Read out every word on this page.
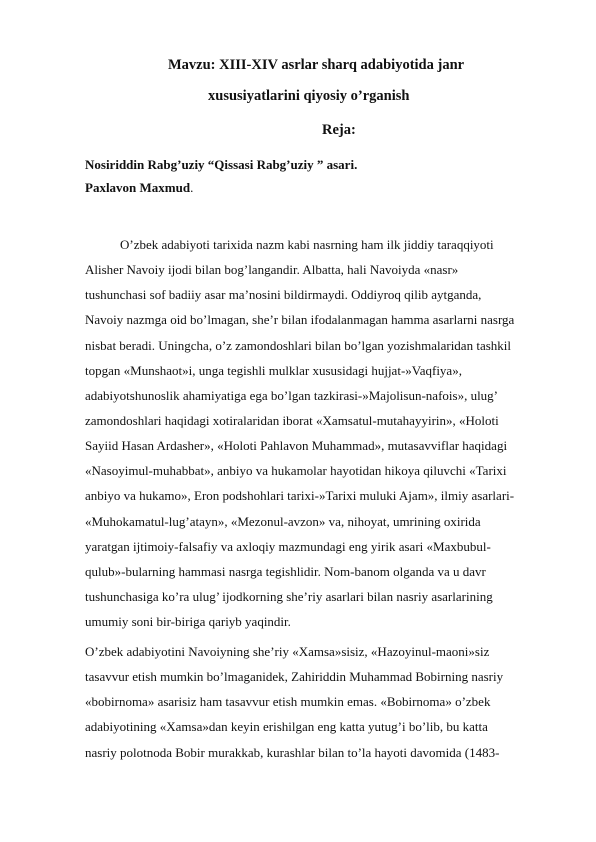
Mavzu: XIII-XIV asrlar sharq adabiyotida janr
xususiyatlarini qiyosiy o’rganish
Reja:
Nosiriddin Rabg’uziy “Qissasi Rabg’uziy ” asari.
Paxlavon Maxmud.
O’zbek adabiyoti tarixida nazm kabi nasrning ham ilk jiddiy taraqqiyoti
Alisher Navoiy ijodi bilan bog’langandir. Albatta, hali Navoiyda «nasr»
tushunchasi sof badiiy asar ma’nosini bildirmaydi. Oddiyroq qilib aytganda,
Navoiy nazmga oid bo’lmagan, she’r bilan ifodalanmagan hamma asarlarni nasrga
nisbat beradi. Uningcha, o’z zamondoshlari bilan bo’lgan yozishmalaridan tashkil
topgan «Munshaot»i, unga tegishli mulklar xususidagi hujjat-»Vaqfiya»,
adabiyotshunoslik ahamiyatiga ega bo’lgan tazkirasi-»Majolisun-nafois», ulug’
zamondoshlari haqidagi xotiralaridan iborat «Xamsatul-mutahayyirin», «Holoti
Sayiid Hasan Ardasher», «Holoti Pahlavon Muhammad», mutasavviflar haqidagi
«Nasoyimul-muhabbat», anbiyo va hukamolar hayotidan hikoya qiluvchi «Tarixi
anbiyo va hukamo», Eron podshohlari tarixi-»Tarixi muluki Ajam», ilmiy asarlari-
«Muhokamatul-lug’atayn», «Mezonul-avzon» va, nihoyat, umrining oxirida
yaratgan ijtimoiy-falsafiy va axloqiy mazmundagi eng yirik asari «Maxbubul-
qulub»-bularning hammasi nasrga tegishlidir. Nom-banom olganda va u davr
tushunchasiga ko’ra ulug’ ijodkorning she’riy asarlari bilan nasriy asarlarining
umumiy soni bir-biriga qariyb yaqindir.
O’zbek adabiyotini Navoiyning she’riy «Xamsa»sisiz, «Hazoyinul-maoni»siz
tasavvur etish mumkin bo’lmaganidek, Zahiriddin Muhammad Bobirning nasriy
«bobirnoma» asarisiz ham tasavvur etish mumkin emas. «Bobirnoma» o’zbek
adabiyotining «Xamsa»dan keyin erishilgan eng katta yutug’i bo’lib, bu katta
nasriy polotnoda Bobir murakkab, kurashlar bilan to’la hayoti davomida (1483-
